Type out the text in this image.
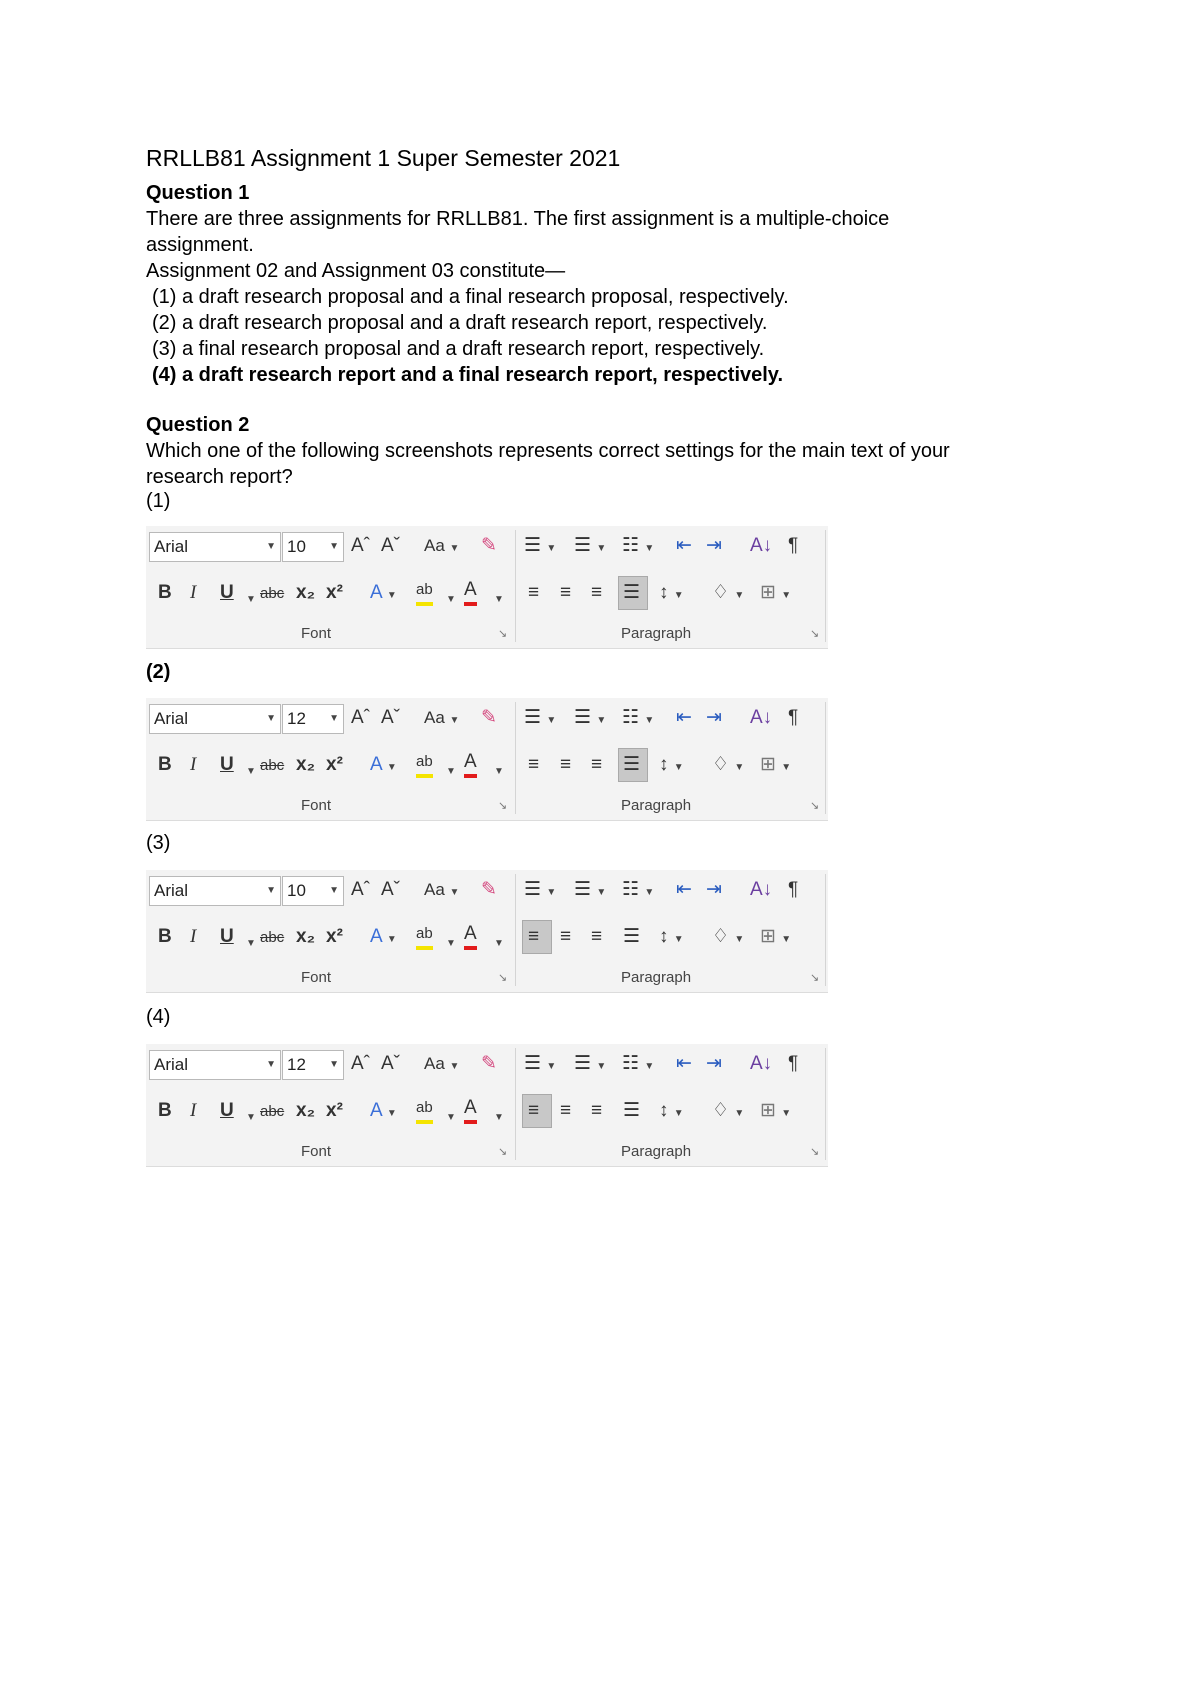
RRLLB81 Assignment 1 Super Semester 2021
Question 1
There are three assignments for RRLLB81. The first assignment is a multiple-choice
assignment.
Assignment 02 and Assignment 03 constitute—
(1) a draft research proposal and a final research proposal, respectively.
(2) a draft research proposal and a draft research report, respectively.
(3) a final research proposal and a draft research report, respectively.
(4) a draft research report and a final research report, respectively.
Question 2
Which one of the following screenshots represents correct settings for the main text of your
research report?
(1)
(2)
(3)
(4)
Arial	▼ 10 ▼ Aˆ Aˇ Aa ▼ ✎
B I U ▼ abc x₂ x² A ▼ ab
▼ A ▼
Font	↘
☰ ▼ ☰ ▼ ☷ ▼ ⇤ ⇥ A↓ ¶
≡ ≡ ≡ ☰ ↕ ▼ ♢ ▼ ⊞ ▼
Paragraph	↘
Arial	▼ 12 ▼ Aˆ Aˇ Aa ▼ ✎
B I U ▼ abc x₂ x² A ▼ ab
▼ A ▼
Font	↘
☰ ▼ ☰ ▼ ☷ ▼ ⇤ ⇥ A↓ ¶
≡ ≡ ≡ ☰ ↕ ▼ ♢ ▼ ⊞ ▼
Paragraph	↘
Arial	▼ 10 ▼ Aˆ Aˇ Aa ▼ ✎
B I U ▼ abc x₂ x² A ▼ ab
▼ A ▼
Font	↘
☰ ▼ ☰ ▼ ☷ ▼ ⇤ ⇥ A↓ ¶
≡ ≡ ≡ ☰ ↕ ▼ ♢ ▼ ⊞ ▼
Paragraph	↘
Arial	▼ 12 ▼ Aˆ Aˇ Aa ▼ ✎
B I U ▼ abc x₂ x² A ▼ ab
▼ A ▼
Font	↘
☰ ▼ ☰ ▼ ☷ ▼ ⇤ ⇥ A↓ ¶
≡ ≡ ≡ ☰ ↕ ▼ ♢ ▼ ⊞ ▼
Paragraph	↘
